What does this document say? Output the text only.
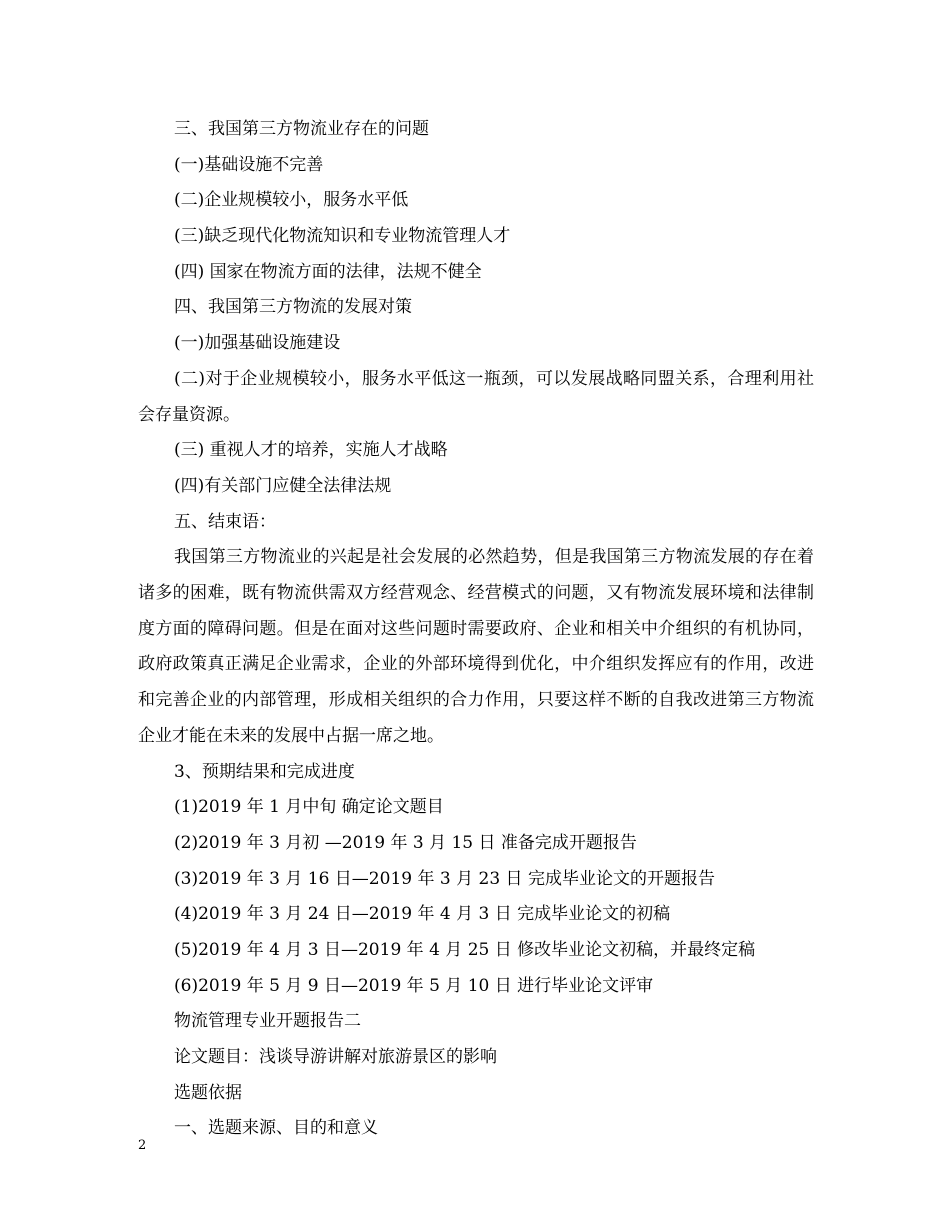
三、我国第三方物流业存在的问题

(一)基础设施不完善

(二)企业规模较小，服务水平低

(三)缺乏现代化物流知识和专业物流管理人才

(四) 国家在物流方面的法律，法规不健全

四、我国第三方物流的发展对策

(一)加强基础设施建设

(二)对于企业规模较小，服务水平低这一瓶颈，可以发展战略同盟关系，合理利用社会存量资源。

(三) 重视人才的培养，实施人才战略

(四)有关部门应健全法律法规

五、结束语：

我国第三方物流业的兴起是社会发展的必然趋势，但是我国第三方物流发展的存在着诸多的困难，既有物流供需双方经营观念、经营模式的问题，又有物流发展环境和法律制度方面的障碍问题。但是在面对这些问题时需要政府、企业和相关中介组织的有机协同，政府政策真正满足企业需求，企业的外部环境得到优化，中介组织发挥应有的作用，改进和完善企业的内部管理，形成相关组织的合力作用，只要这样不断的自我改进第三方物流企业才能在未来的发展中占据一席之地。

3、预期结果和完成进度

(1)2019 年 1 月中旬 确定论文题目

(2)2019 年 3 月初 —2019 年 3 月 15 日 准备完成开题报告

(3)2019 年 3 月 16 日—2019 年 3 月 23 日 完成毕业论文的开题报告

(4)2019 年 3 月 24 日—2019 年 4 月 3 日 完成毕业论文的初稿

(5)2019 年 4 月 3 日—2019 年 4 月 25 日 修改毕业论文初稿，并最终定稿

(6)2019 年 5 月 9 日—2019 年 5 月 10 日 进行毕业论文评审

物流管理专业开题报告二

论文题目：浅谈导游讲解对旅游景区的影响

选题依据

一、选题来源、目的和意义

2
